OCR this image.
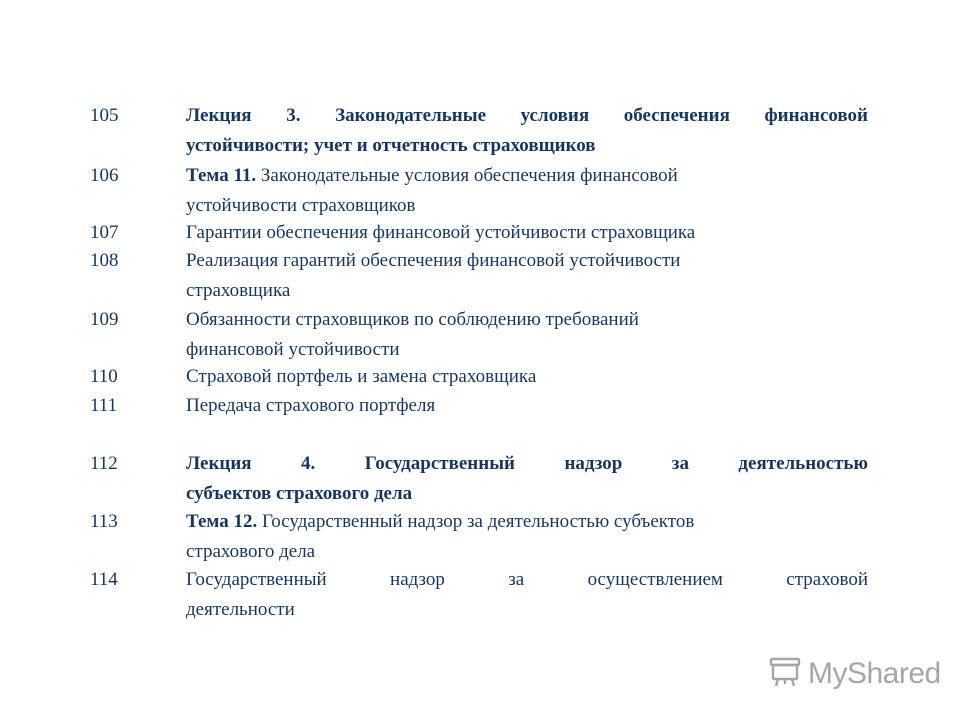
105	Лекция 3. Законодательные условия обеспечения финансовой
устойчивости; учет и отчетность страховщиков
106	Тема 11. Законодательные условия обеспечения финансовой
устойчивости страховщиков
107	Гарантии обеспечения финансовой устойчивости страховщика
108	Реализация гарантий обеспечения финансовой устойчивости
страховщика
109	Обязанности страховщиков по соблюдению требований
финансовой устойчивости
110	Страховой портфель и замена страховщика
111	Передача страхового портфеля
112	Лекция 4. Государственный надзор за деятельностью
субъектов страхового дела
113	Тема 12. Государственный надзор за деятельностью субъектов
страхового дела
114	Государственный надзор за осуществлением страховой
деятельности
MyShared
